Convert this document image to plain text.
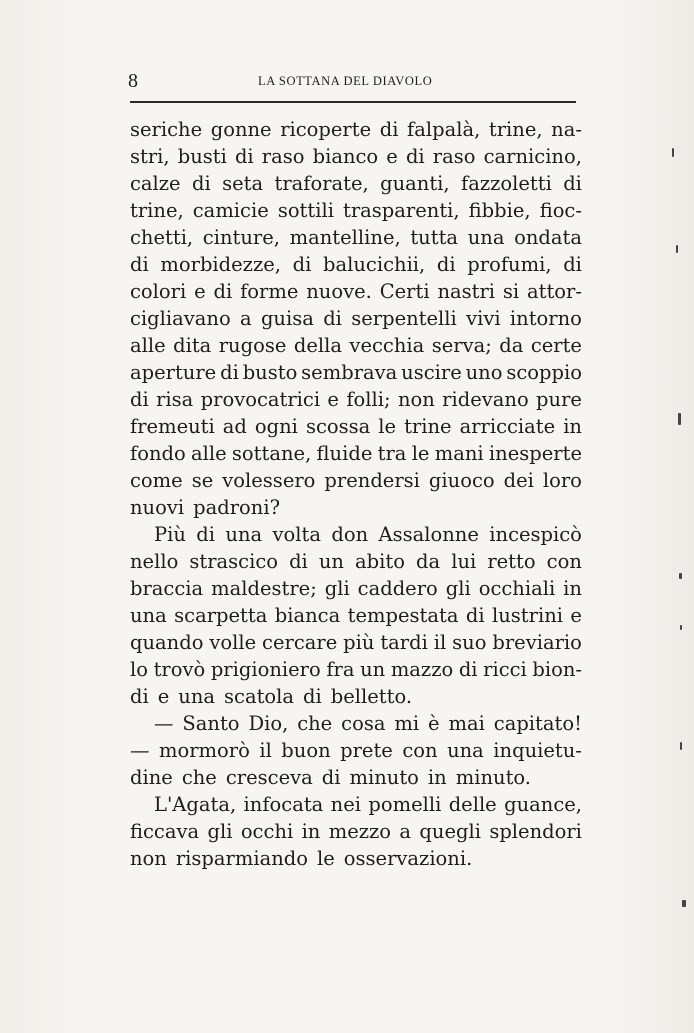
8	LA SOTTANA DEL DIAVOLO
seriche gonne ricoperte di falpalà, trine, na-
stri, busti di raso bianco e di raso carnicino,
calze di seta traforate, guanti, fazzoletti di
trine, camicie sottili trasparenti, fibbie, fioc-
chetti, cinture, mantelline, tutta una ondata
di morbidezze, di balucichii, di profumi, di
colori e di forme nuove. Certi nastri si attor-
cigliavano a guisa di serpentelli vivi intorno
alle dita rugose della vecchia serva; da certe
aperture di busto sembrava uscire uno scoppio
di risa provocatrici e folli; non ridevano pure
fremeuti ad ogni scossa le trine arricciate in
fondo alle sottane, fluide tra le mani inesperte
come se volessero prendersi giuoco dei loro
nuovi padroni?
Più di una volta don Assalonne incespicò
nello strascico di un abito da lui retto con
braccia maldestre; gli caddero gli occhiali in
una scarpetta bianca tempestata di lustrini e
quando volle cercare più tardi il suo breviario
lo trovò prigioniero fra un mazzo di ricci bion-
di e una scatola di belletto.
— Santo Dio, che cosa mi è mai capitato!
— mormorò il buon prete con una inquietu-
dine che cresceva di minuto in minuto.
L'Agata, infocata nei pomelli delle guance,
ficcava gli occhi in mezzo a quegli splendori
non risparmiando le osservazioni.
